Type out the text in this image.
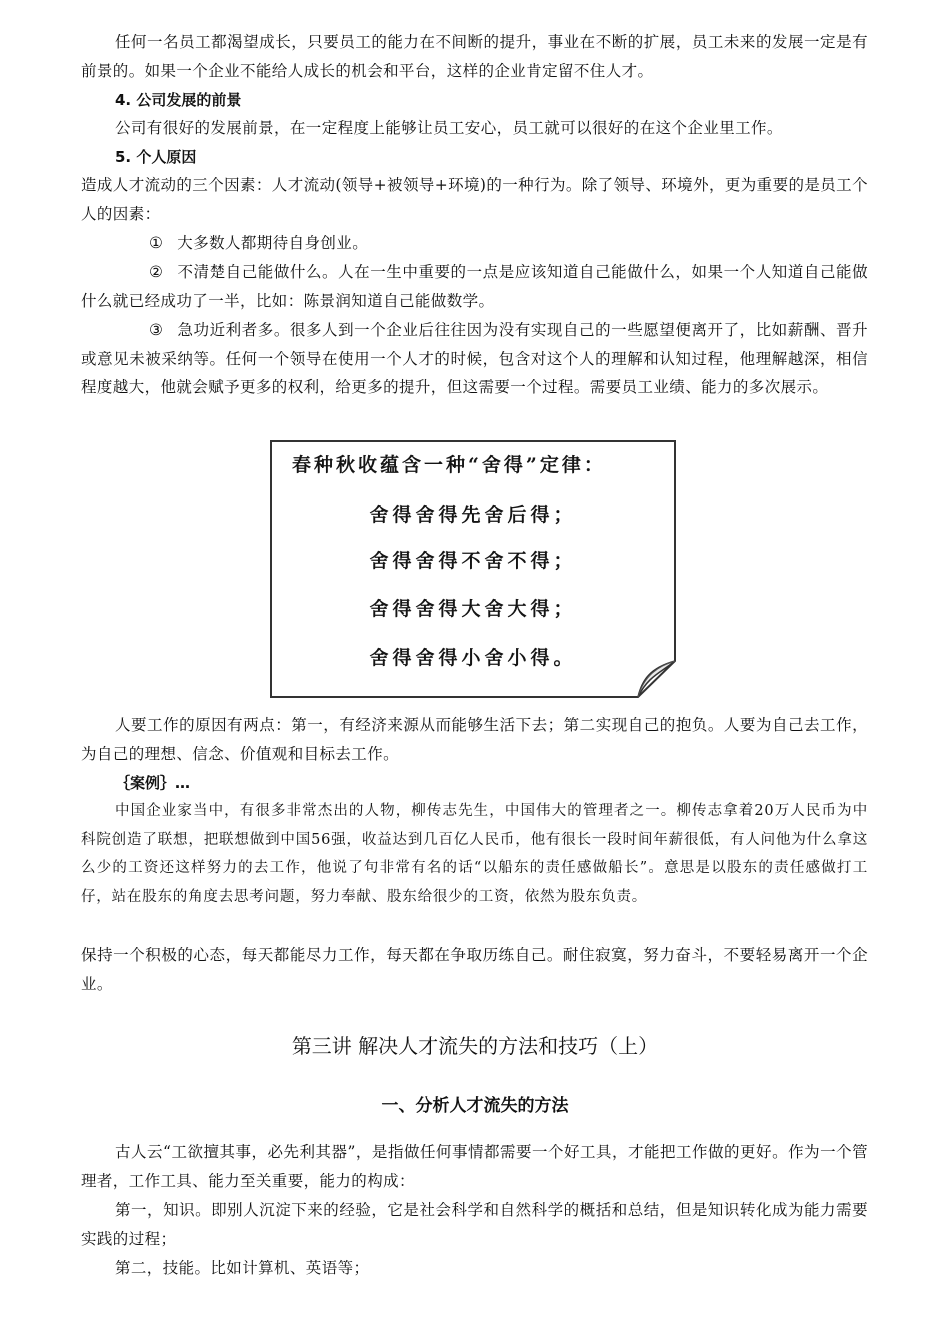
任何一名员工都渴望成长，只要员工的能力在不间断的提升，事业在不断的扩展，员工未来的发展一定是有前景的。如果一个企业不能给人成长的机会和平台，这样的企业肯定留不住人才。

4. 公司发展的前景

公司有很好的发展前景，在一定程度上能够让员工安心，员工就可以很好的在这个企业里工作。

5. 个人原因

造成人才流动的三个因素：人才流动(领导+被领导+环境)的一种行为。除了领导、环境外，更为重要的是员工个人的因素：

① 大多数人都期待自身创业。

② 不清楚自己能做什么。人在一生中重要的一点是应该知道自己能做什么，如果一个人知道自己能做什么就已经成功了一半，比如：陈景润知道自己能做数学。

③ 急功近利者多。很多人到一个企业后往往因为没有实现自己的一些愿望便离开了，比如薪酬、晋升或意见未被采纳等。任何一个领导在使用一个人才的时候，包含对这个人的理解和认知过程，他理解越深，相信程度越大，他就会赋予更多的权利，给更多的提升，但这需要一个过程。需要员工业绩、能力的多次展示。

春种秋收蕴含一种“舍得”定律：

舍得舍得先舍后得；

舍得舍得不舍不得；

舍得舍得大舍大得；

舍得舍得小舍小得。

人要工作的原因有两点：第一，有经济来源从而能够生活下去；第二实现自己的抱负。人要为自己去工作，为自己的理想、信念、价值观和目标去工作。

｛案例｝…

中国企业家当中，有很多非常杰出的人物，柳传志先生，中国伟大的管理者之一。柳传志拿着20万人民币为中科院创造了联想，把联想做到中国56强，收益达到几百亿人民币，他有很长一段时间年薪很低，有人问他为什么拿这么少的工资还这样努力的去工作，他说了句非常有名的话“以船东的责任感做船长”。意思是以股东的责任感做打工仔，站在股东的角度去思考问题，努力奉献、股东给很少的工资，依然为股东负责。

保持一个积极的心态，每天都能尽力工作，每天都在争取历练自己。耐住寂寞，努力奋斗，不要轻易离开一个企业。

第三讲 解决人才流失的方法和技巧（上）
一、分析人才流失的方法

古人云“工欲擅其事，必先利其器”，是指做任何事情都需要一个好工具，才能把工作做的更好。作为一个管理者，工作工具、能力至关重要，能力的构成：

第一，知识。即别人沉淀下来的经验，它是社会科学和自然科学的概括和总结，但是知识转化成为能力需要实践的过程；

第二，技能。比如计算机、英语等；
